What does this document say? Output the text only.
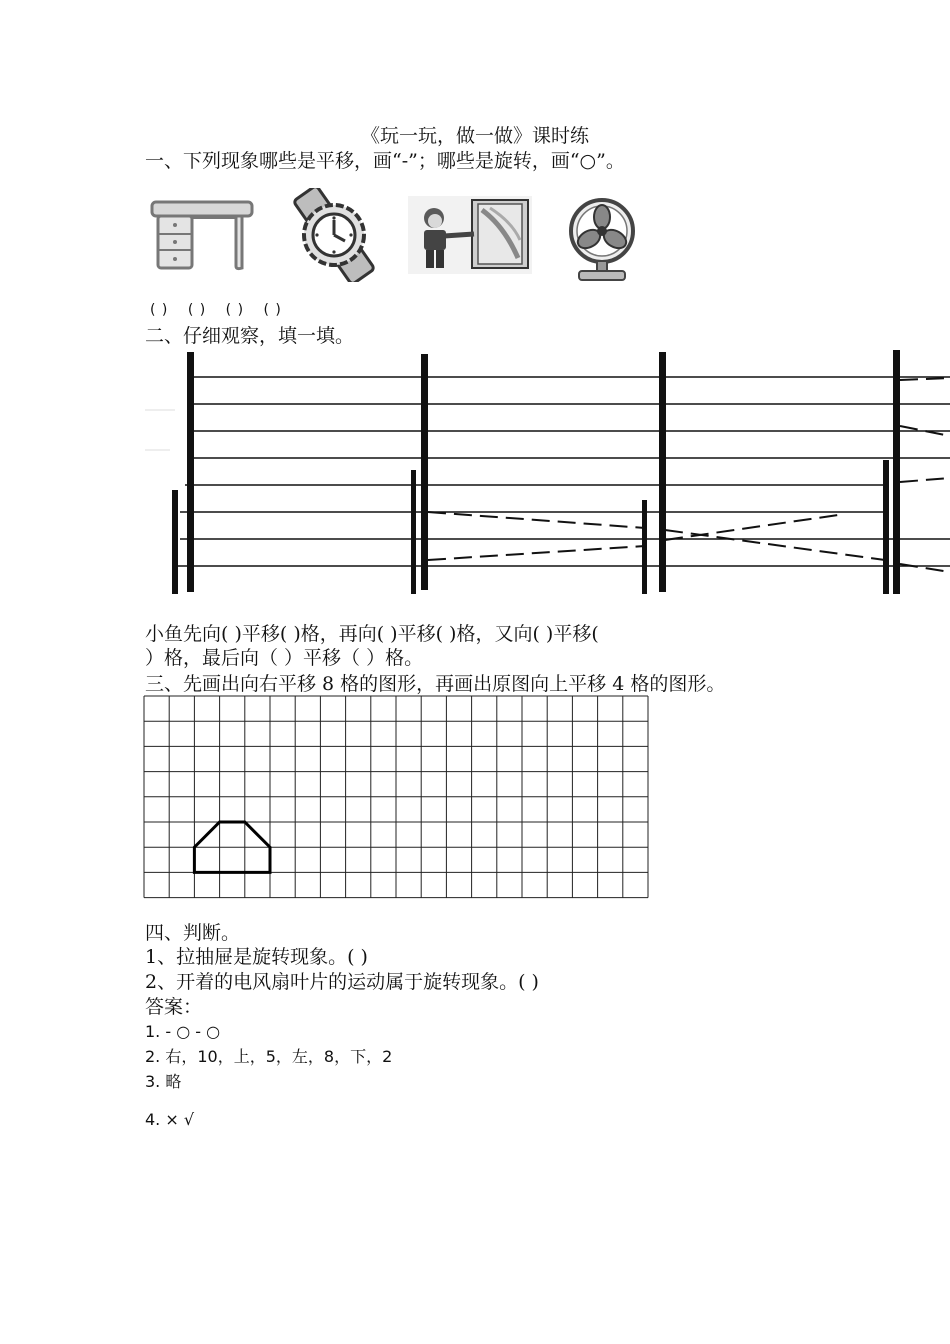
《玩一玩，做一做》课时练

一、下列现象哪些是平移，画“-”；哪些是旋转，画“○”。

( ) ( ) ( ) ( )

二、仔细观察，填一填。

小鱼先向( )平移( )格，再向( )平移( )格，又向( )平移(

）格，最后向（ ）平移（ ）格。

三、先画出向右平移 8 格的图形，再画出原图向上平移 4 格的图形。

四、判断。

1、拉抽屉是旋转现象。( )

2、开着的电风扇叶片的运动属于旋转现象。( )

答案：

1. - ○ - ○

2. 右，10，上，5，左，8，下，2

3. 略

4. × √
